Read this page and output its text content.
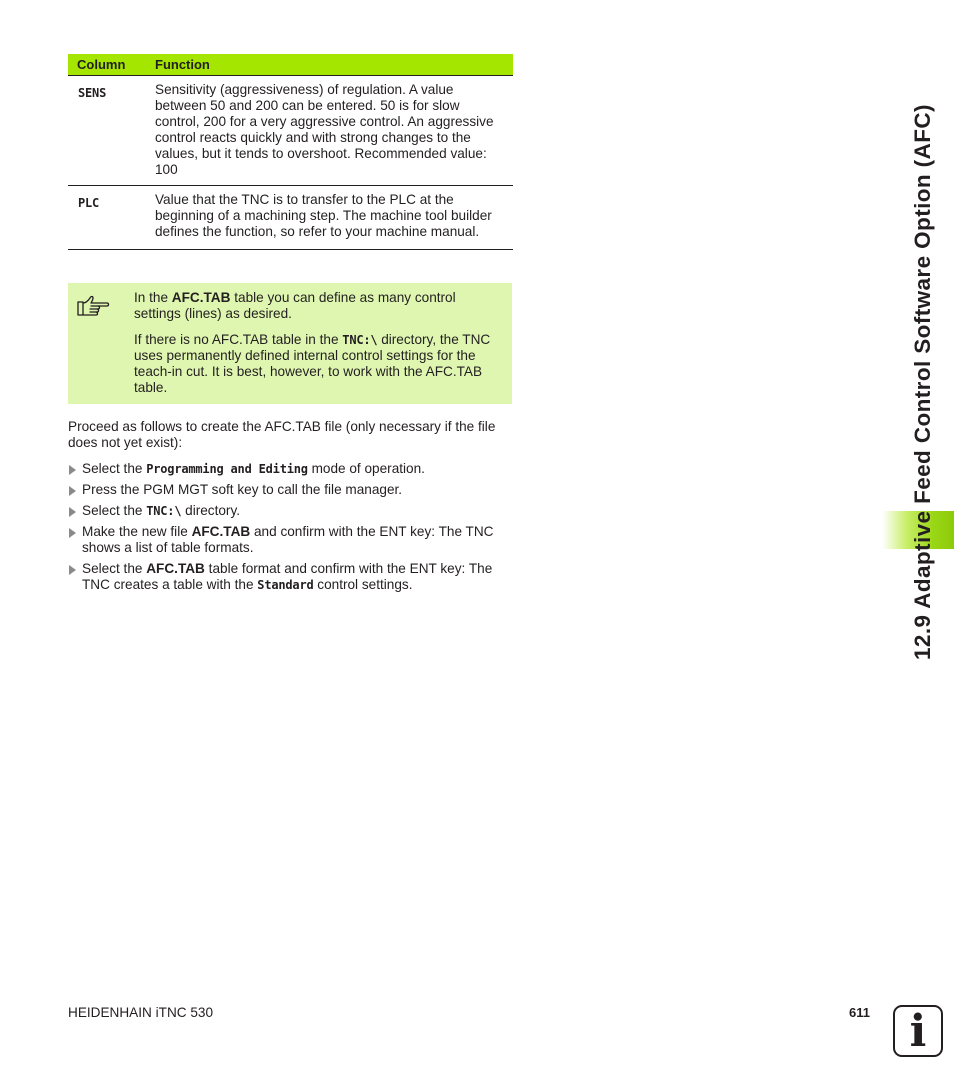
Column	Function
SENS	Sensitivity (aggressiveness) of regulation. A value between 50 and 200 can be entered. 50 is for slow control, 200 for a very aggressive control. An aggressive control reacts quickly and with strong changes to the values, but it tends to overshoot. Recommended value: 100
PLC	Value that the TNC is to transfer to the PLC at the beginning of a machining step. The machine tool builder defines the function, so refer to your machine manual.

In the AFC.TAB table you can define as many control settings (lines) as desired.

If there is no AFC.TAB table in the TNC:\ directory, the TNC uses permanently defined internal control settings for the teach-in cut. It is best, however, to work with the AFC.TAB table.

Proceed as follows to create the AFC.TAB file (only necessary if the file does not yet exist):

Select the Programming and Editing mode of operation.
Press the PGM MGT soft key to call the file manager.
Select the TNC:\ directory.
Make the new file AFC.TAB and confirm with the ENT key: The TNC shows a list of table formats.
Select the AFC.TAB table format and confirm with the ENT key: The TNC creates a table with the Standard control settings.	12.9 Adaptive Feed Control Software Option (AFC)
HEIDENHAIN iTNC 530	611 i
